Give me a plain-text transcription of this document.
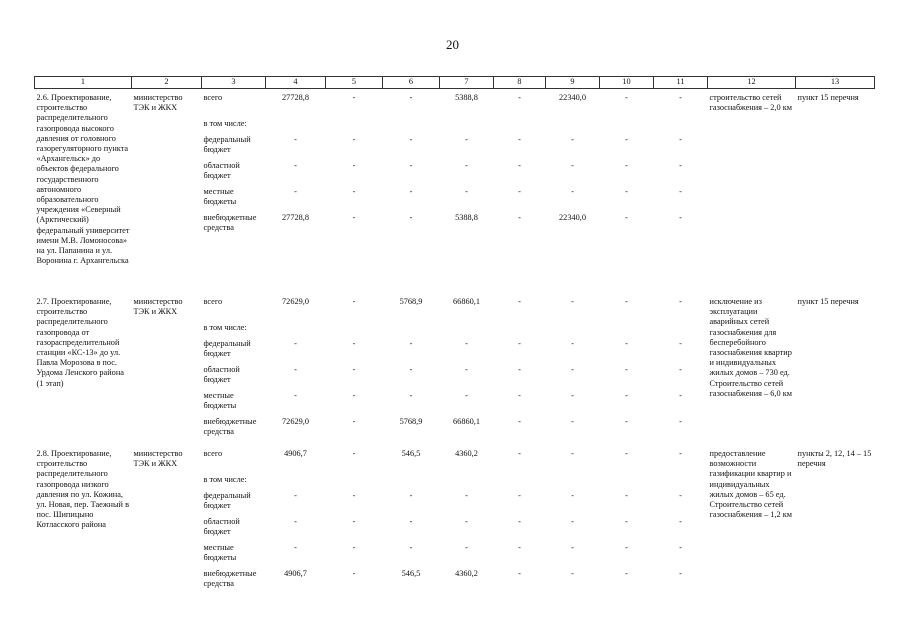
20
1	2	3	4	5	6	7	8	9	10	11	12	13
2.6. Проектирование, строительство распределительного газопровода высокого давления от головного газорегуляторного пункта «Архангельск» до объектов федерального государственного автономного образовательного учреждения «Северный (Арктический) федеральный университет имени М.В. Ломоносова» на ул. Папанина и ул. Воронина г. Архангельска	министерство ТЭК и ЖКХ	всего	27728,8	-	-	5388,8	-	22340,0	-	-	строительство сетей газоснабжения – 2,0 км	пункт 15 перечня
		в том числе:										
		федеральный бюджет	-	-	-	-	-	-	-	-		
		областной бюджет	-	-	-	-	-	-	-	-		
		местные бюджеты	-	-	-	-	-	-	-	-		
		внебюджетные средства	27728,8	-	-	5388,8	-	22340,0	-	-		
2.7. Проектирование, строительство распределительного газопровода от газораспределительной станции «КС-13» до ул. Павла Морозова в пос. Урдома Ленского района (1 этап)	министерство ТЭК и ЖКХ	всего	72629,0	-	5768,9	66860,1	-	-	-	-	исключение из эксплуатации аварийных сетей газоснабжения для бесперебойного газоснабжения квартир и индивидуальных жилых домов – 730 ед. Строительство сетей газоснабжения – 6,0 км	пункт 15 перечня
		в том числе:										
		федеральный бюджет	-	-	-	-	-	-	-	-		
		областной бюджет	-	-	-	-	-	-	-	-		
		местные бюджеты	-	-	-	-	-	-	-	-		
		внебюджетные средства	72629,0	-	5768,9	66860,1	-	-	-	-		
2.8. Проектирование, строительство распределительного газопровода низкого давления по ул. Кожина, ул. Новая, пер. Таежный в пос. Шипицыно Котласского района	министерство ТЭК и ЖКХ	всего	4906,7	-	546,5	4360,2	-	-	-	-	предоставление возможности газификации квартир и индивидуальных жилых домов – 65 ед. Строительство сетей газоснабжения – 1,2 км	пункты 2, 12, 14 – 15 перечня
		в том числе:										
		федеральный бюджет	-	-	-	-	-	-	-	-		
		областной бюджет	-	-	-	-	-	-	-	-		
		местные бюджеты	-	-	-	-	-	-	-	-		
		внебюджетные средства	4906,7	-	546,5	4360,2	-	-	-	-		
